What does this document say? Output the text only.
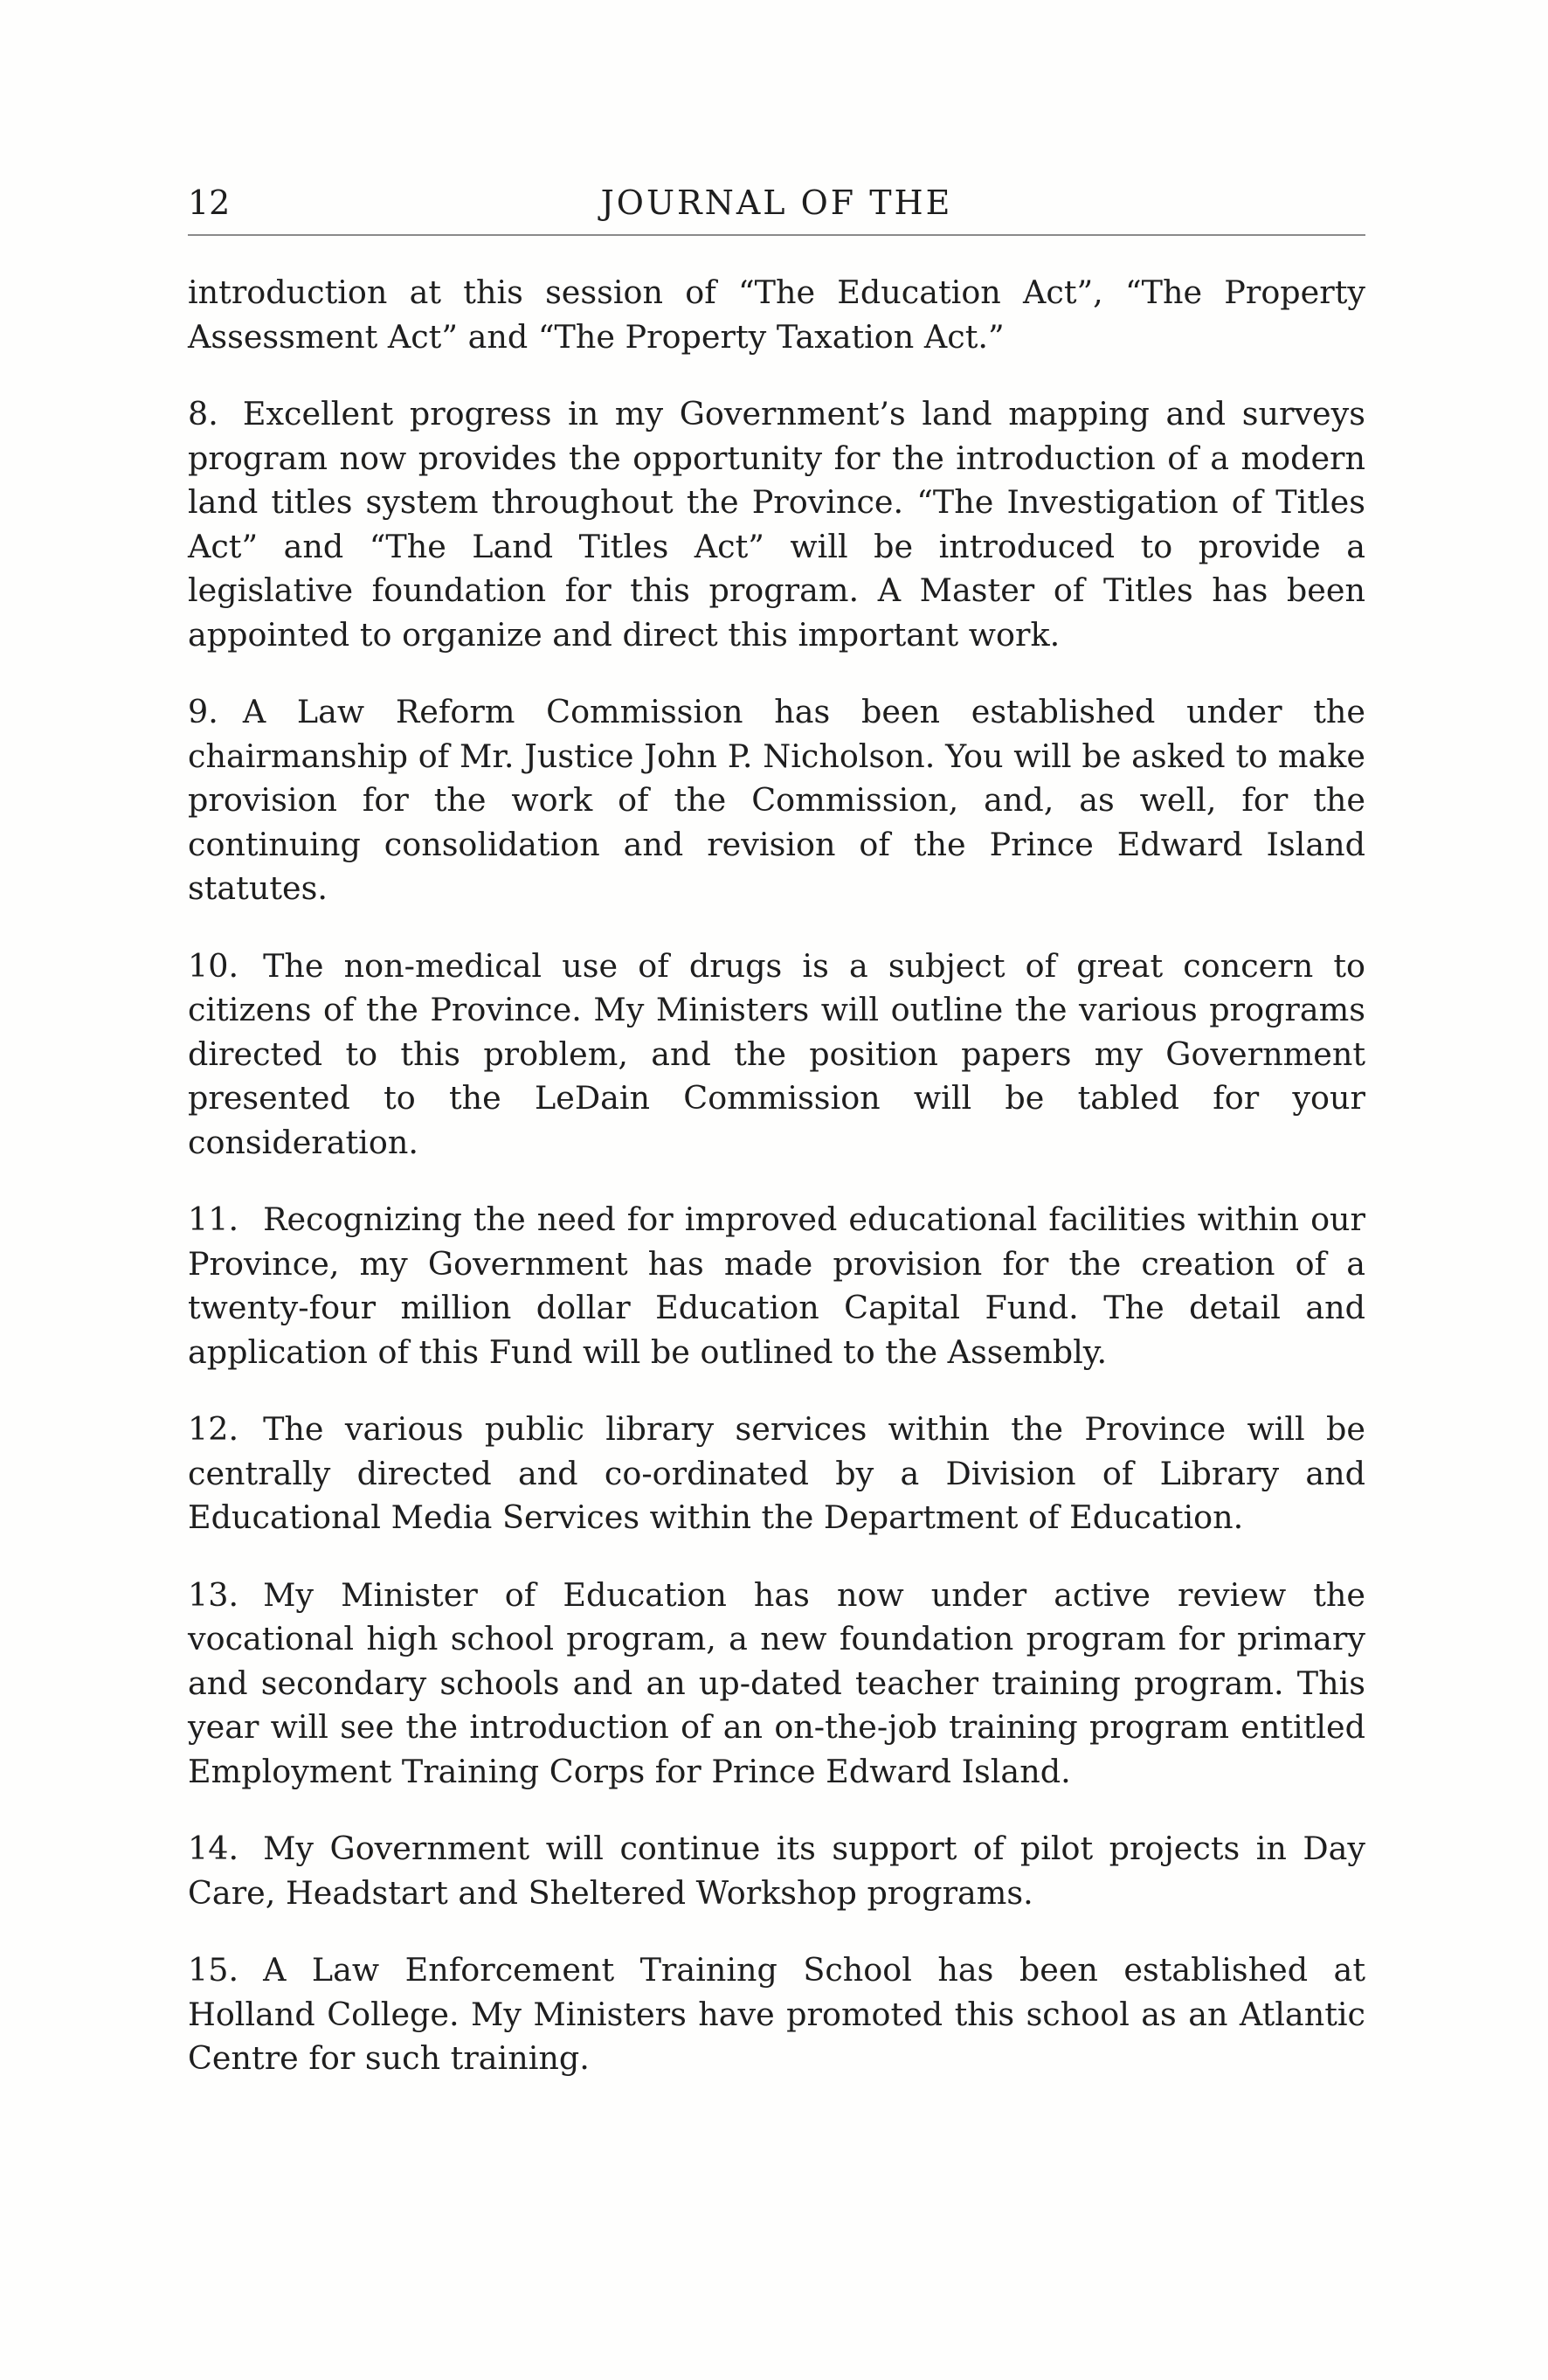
12	JOURNAL OF THE

introduction at this session of “The Education Act”, “The Property Assessment Act” and “The Property Taxation Act.”

8. Excellent progress in my Government’s land mapping and surveys program now provides the opportunity for the introduction of a modern land titles system throughout the Province. “The Investigation of Titles Act” and “The Land Titles Act” will be introduced to provide a legislative foundation for this program. A Master of Titles has been appointed to organize and direct this important work.

9. A Law Reform Commission has been established under the chairmanship of Mr. Justice John P. Nicholson. You will be asked to make provision for the work of the Commission, and, as well, for the continuing consolidation and revision of the Prince Edward Island statutes.

10. The non-medical use of drugs is a subject of great concern to citizens of the Province. My Ministers will outline the various programs directed to this problem, and the position papers my Government presented to the LeDain Commission will be tabled for your consideration.

11. Recognizing the need for improved educational facilities within our Province, my Government has made provision for the creation of a twenty-four million dollar Education Capital Fund. The detail and application of this Fund will be outlined to the Assembly.

12. The various public library services within the Province will be centrally directed and co-ordinated by a Division of Library and Educational Media Services within the Department of Education.

13. My Minister of Education has now under active review the vocational high school program, a new foundation program for primary and secondary schools and an up-dated teacher training program. This year will see the introduction of an on-the-job training program entitled Employment Training Corps for Prince Edward Island.

14. My Government will continue its support of pilot projects in Day Care, Headstart and Sheltered Workshop programs.

15. A Law Enforcement Training School has been established at Holland College. My Ministers have promoted this school as an Atlantic Centre for such training.
